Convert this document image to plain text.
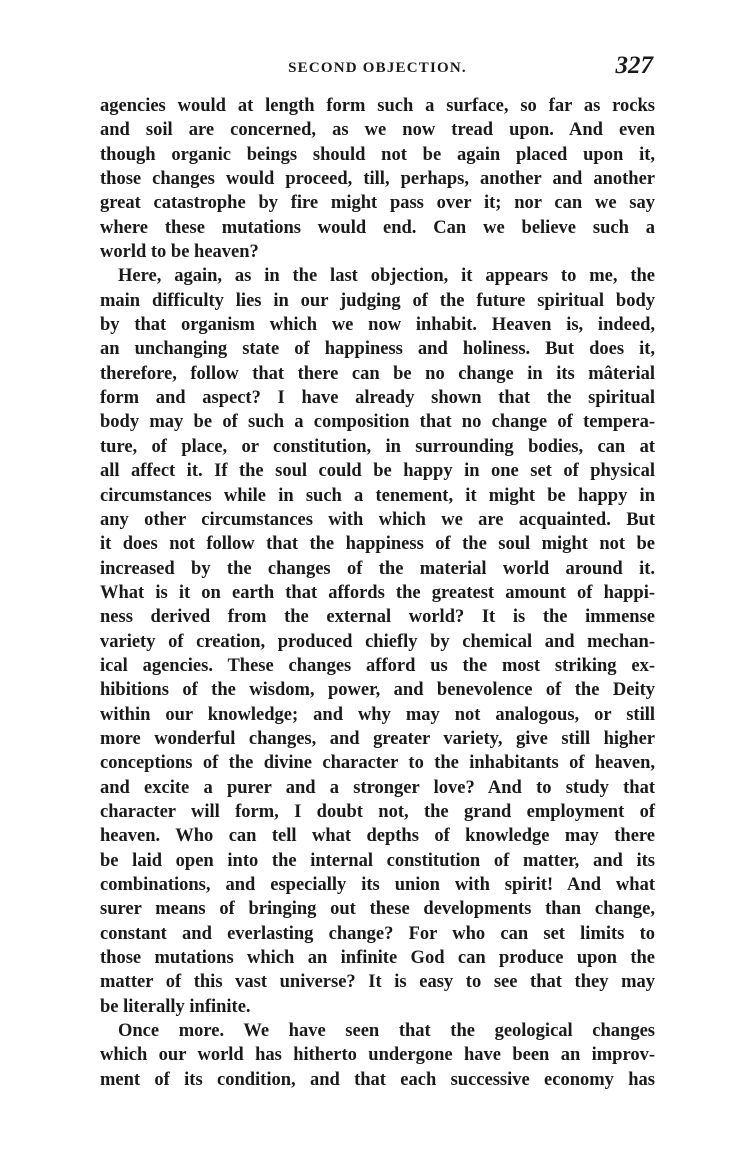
SECOND OBJECTION.	327
agencies would at length form such a surface, so far as rocks
and soil are concerned, as we now tread upon. And even
though organic beings should not be again placed upon it,
those changes would proceed, till, perhaps, another and another
great catastrophe by fire might pass over it; nor can we say
where these mutations would end. Can we believe such a
world to be heaven?
Here, again, as in the last objection, it appears to me, the
main difficulty lies in our judging of the future spiritual body
by that organism which we now inhabit. Heaven is, indeed,
an unchanging state of happiness and holiness. But does it,
therefore, follow that there can be no change in its mâterial
form and aspect? I have already shown that the spiritual
body may be of such a composition that no change of tempera-
ture, of place, or constitution, in surrounding bodies, can at
all affect it. If the soul could be happy in one set of physical
circumstances while in such a tenement, it might be happy in
any other circumstances with which we are acquainted. But
it does not follow that the happiness of the soul might not be
increased by the changes of the material world around it.
What is it on earth that affords the greatest amount of happi-
ness derived from the external world? It is the immense
variety of creation, produced chiefly by chemical and mechan-
ical agencies. These changes afford us the most striking ex-
hibitions of the wisdom, power, and benevolence of the Deity
within our knowledge; and why may not analogous, or still
more wonderful changes, and greater variety, give still higher
conceptions of the divine character to the inhabitants of heaven,
and excite a purer and a stronger love? And to study that
character will form, I doubt not, the grand employment of
heaven. Who can tell what depths of knowledge may there
be laid open into the internal constitution of matter, and its
combinations, and especially its union with spirit! And what
surer means of bringing out these developments than change,
constant and everlasting change? For who can set limits to
those mutations which an infinite God can produce upon the
matter of this vast universe? It is easy to see that they may
be literally infinite.
Once more. We have seen that the geological changes
which our world has hitherto undergone have been an improv-
ment of its condition, and that each successive economy has
